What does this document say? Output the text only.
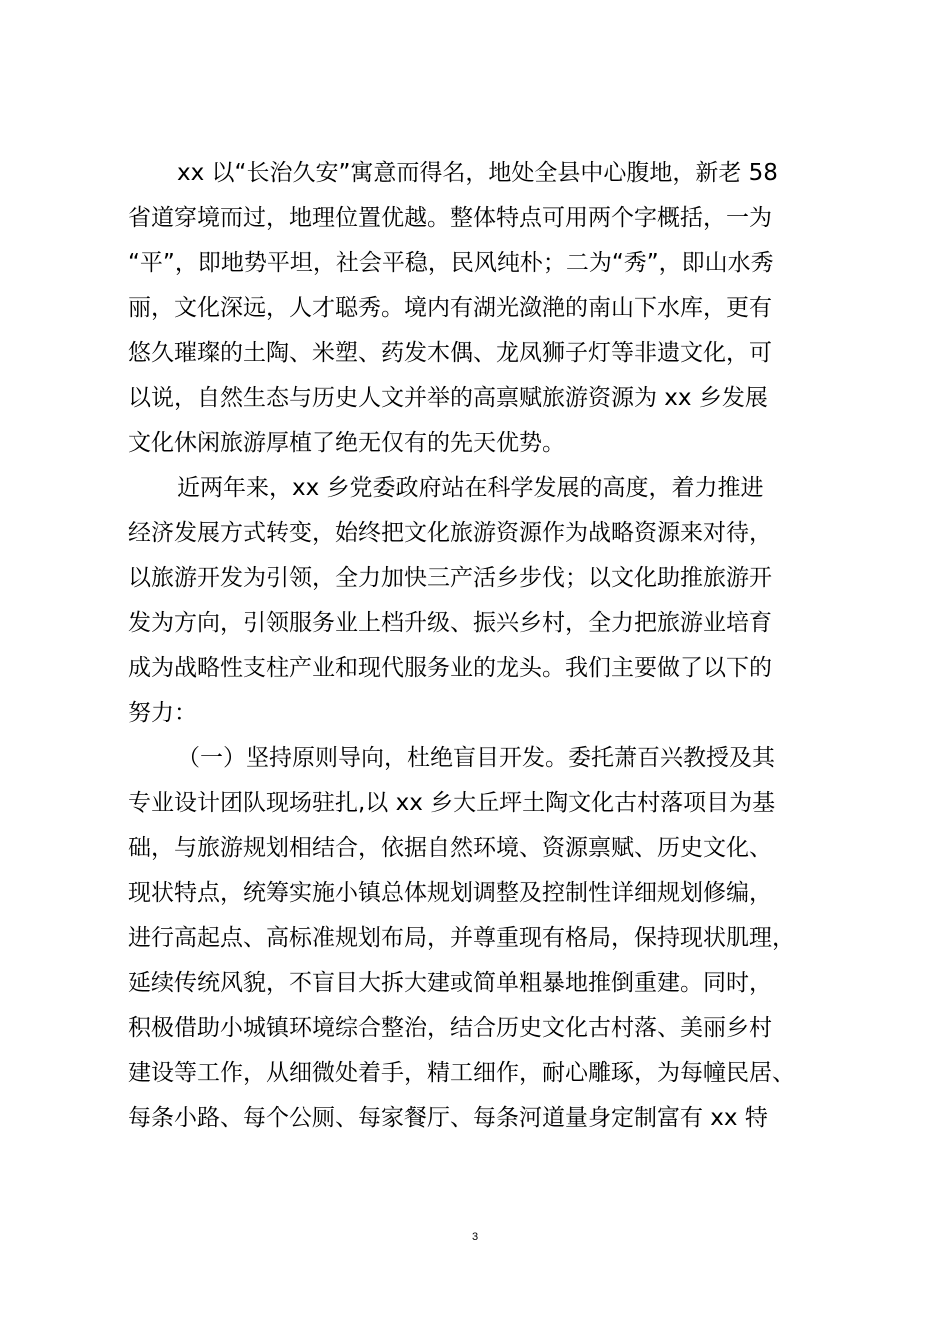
xx 以“长治久安”寓意而得名，地处全县中心腹地，新老 58
省道穿境而过，地理位置优越。整体特点可用两个字概括，一为
“平”，即地势平坦，社会平稳，民风纯朴；二为“秀”，即山水秀
丽，文化深远，人才聪秀。境内有湖光潋滟的南山下水库，更有
悠久璀璨的土陶、米塑、药发木偶、龙凤狮子灯等非遗文化，可
以说，自然生态与历史人文并举的高禀赋旅游资源为 xx 乡发展
文化休闲旅游厚植了绝无仅有的先天优势。
近两年来，xx 乡党委政府站在科学发展的高度，着力推进
经济发展方式转变，始终把文化旅游资源作为战略资源来对待，
以旅游开发为引领，全力加快三产活乡步伐；以文化助推旅游开
发为方向，引领服务业上档升级、振兴乡村，全力把旅游业培育
成为战略性支柱产业和现代服务业的龙头。我们主要做了以下的
努力：
（一）坚持原则导向，杜绝盲目开发。委托萧百兴教授及其
专业设计团队现场驻扎,以 xx 乡大丘坪土陶文化古村落项目为基
础，与旅游规划相结合，依据自然环境、资源禀赋、历史文化、
现状特点，统筹实施小镇总体规划调整及控制性详细规划修编，
进行高起点、高标准规划布局，并尊重现有格局，保持现状肌理，
延续传统风貌，不盲目大拆大建或简单粗暴地推倒重建。同时，
积极借助小城镇环境综合整治，结合历史文化古村落、美丽乡村
建设等工作，从细微处着手，精工细作，耐心雕琢，为每幢民居、
每条小路、每个公厕、每家餐厅、每条河道量身定制富有 xx 特
3
